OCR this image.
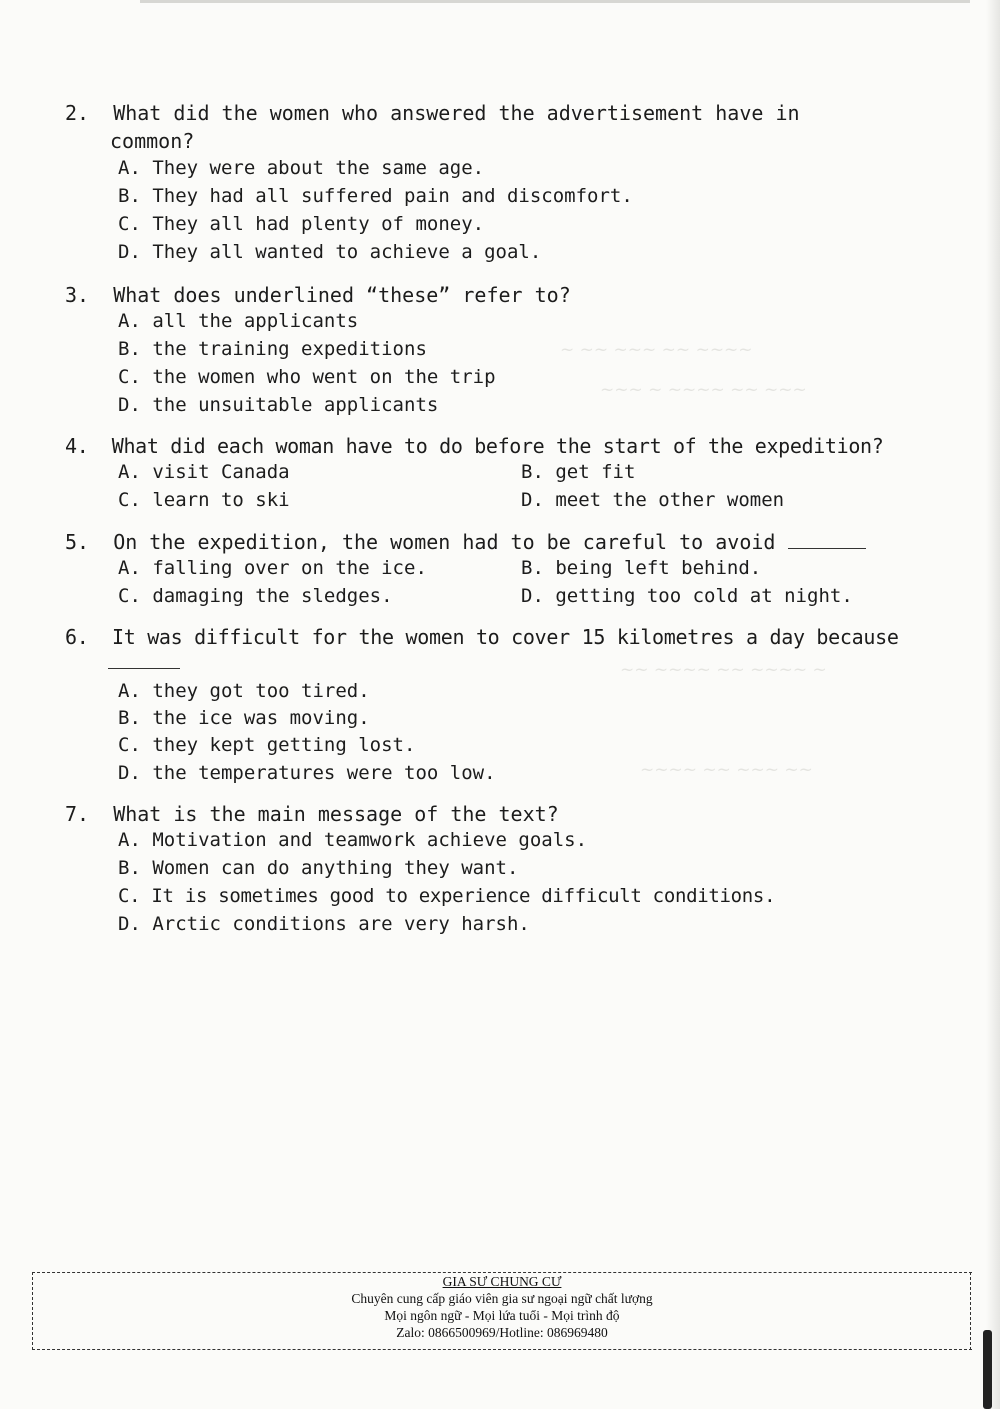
~ ~~ ~~~ ~~ ~~~~
~~~ ~ ~~~~ ~~ ~~~
~~ ~~~~ ~~ ~~~~ ~
~~~~ ~~ ~~~ ~~
2. What did the women who answered the advertisement have in
common?
A. They were about the same age.
B. They had all suffered pain and discomfort.
C. They all had plenty of money.
D. They all wanted to achieve a goal.
3. What does underlined “these” refer to?
A. all the applicants
B. the training expeditions
C. the women who went on the trip
D. the unsuitable applicants
4. What did each woman have to do before the start of the expedition?
A. visit Canada	B. get fit
C. learn to ski	D. meet the other women
5. On the expedition, the women had to be careful to avoid
A. falling over on the ice.	B. being left behind.
C. damaging the sledges.	D. getting too cold at night.
6. It was difficult for the women to cover 15 kilometres a day because
A. they got too tired.
B. the ice was moving.
C. they kept getting lost.
D. the temperatures were too low.
7. What is the main message of the text?
A. Motivation and teamwork achieve goals.
B. Women can do anything they want.
C. It is sometimes good to experience difficult conditions.
D. Arctic conditions are very harsh.
GIA SƯ CHUNG CƯ
Chuyên cung cấp giáo viên gia sư ngoại ngữ chất lượng
Mọi ngôn ngữ - Mọi lứa tuổi - Mọi trình độ
Zalo: 0866500969/Hotline: 086969480
